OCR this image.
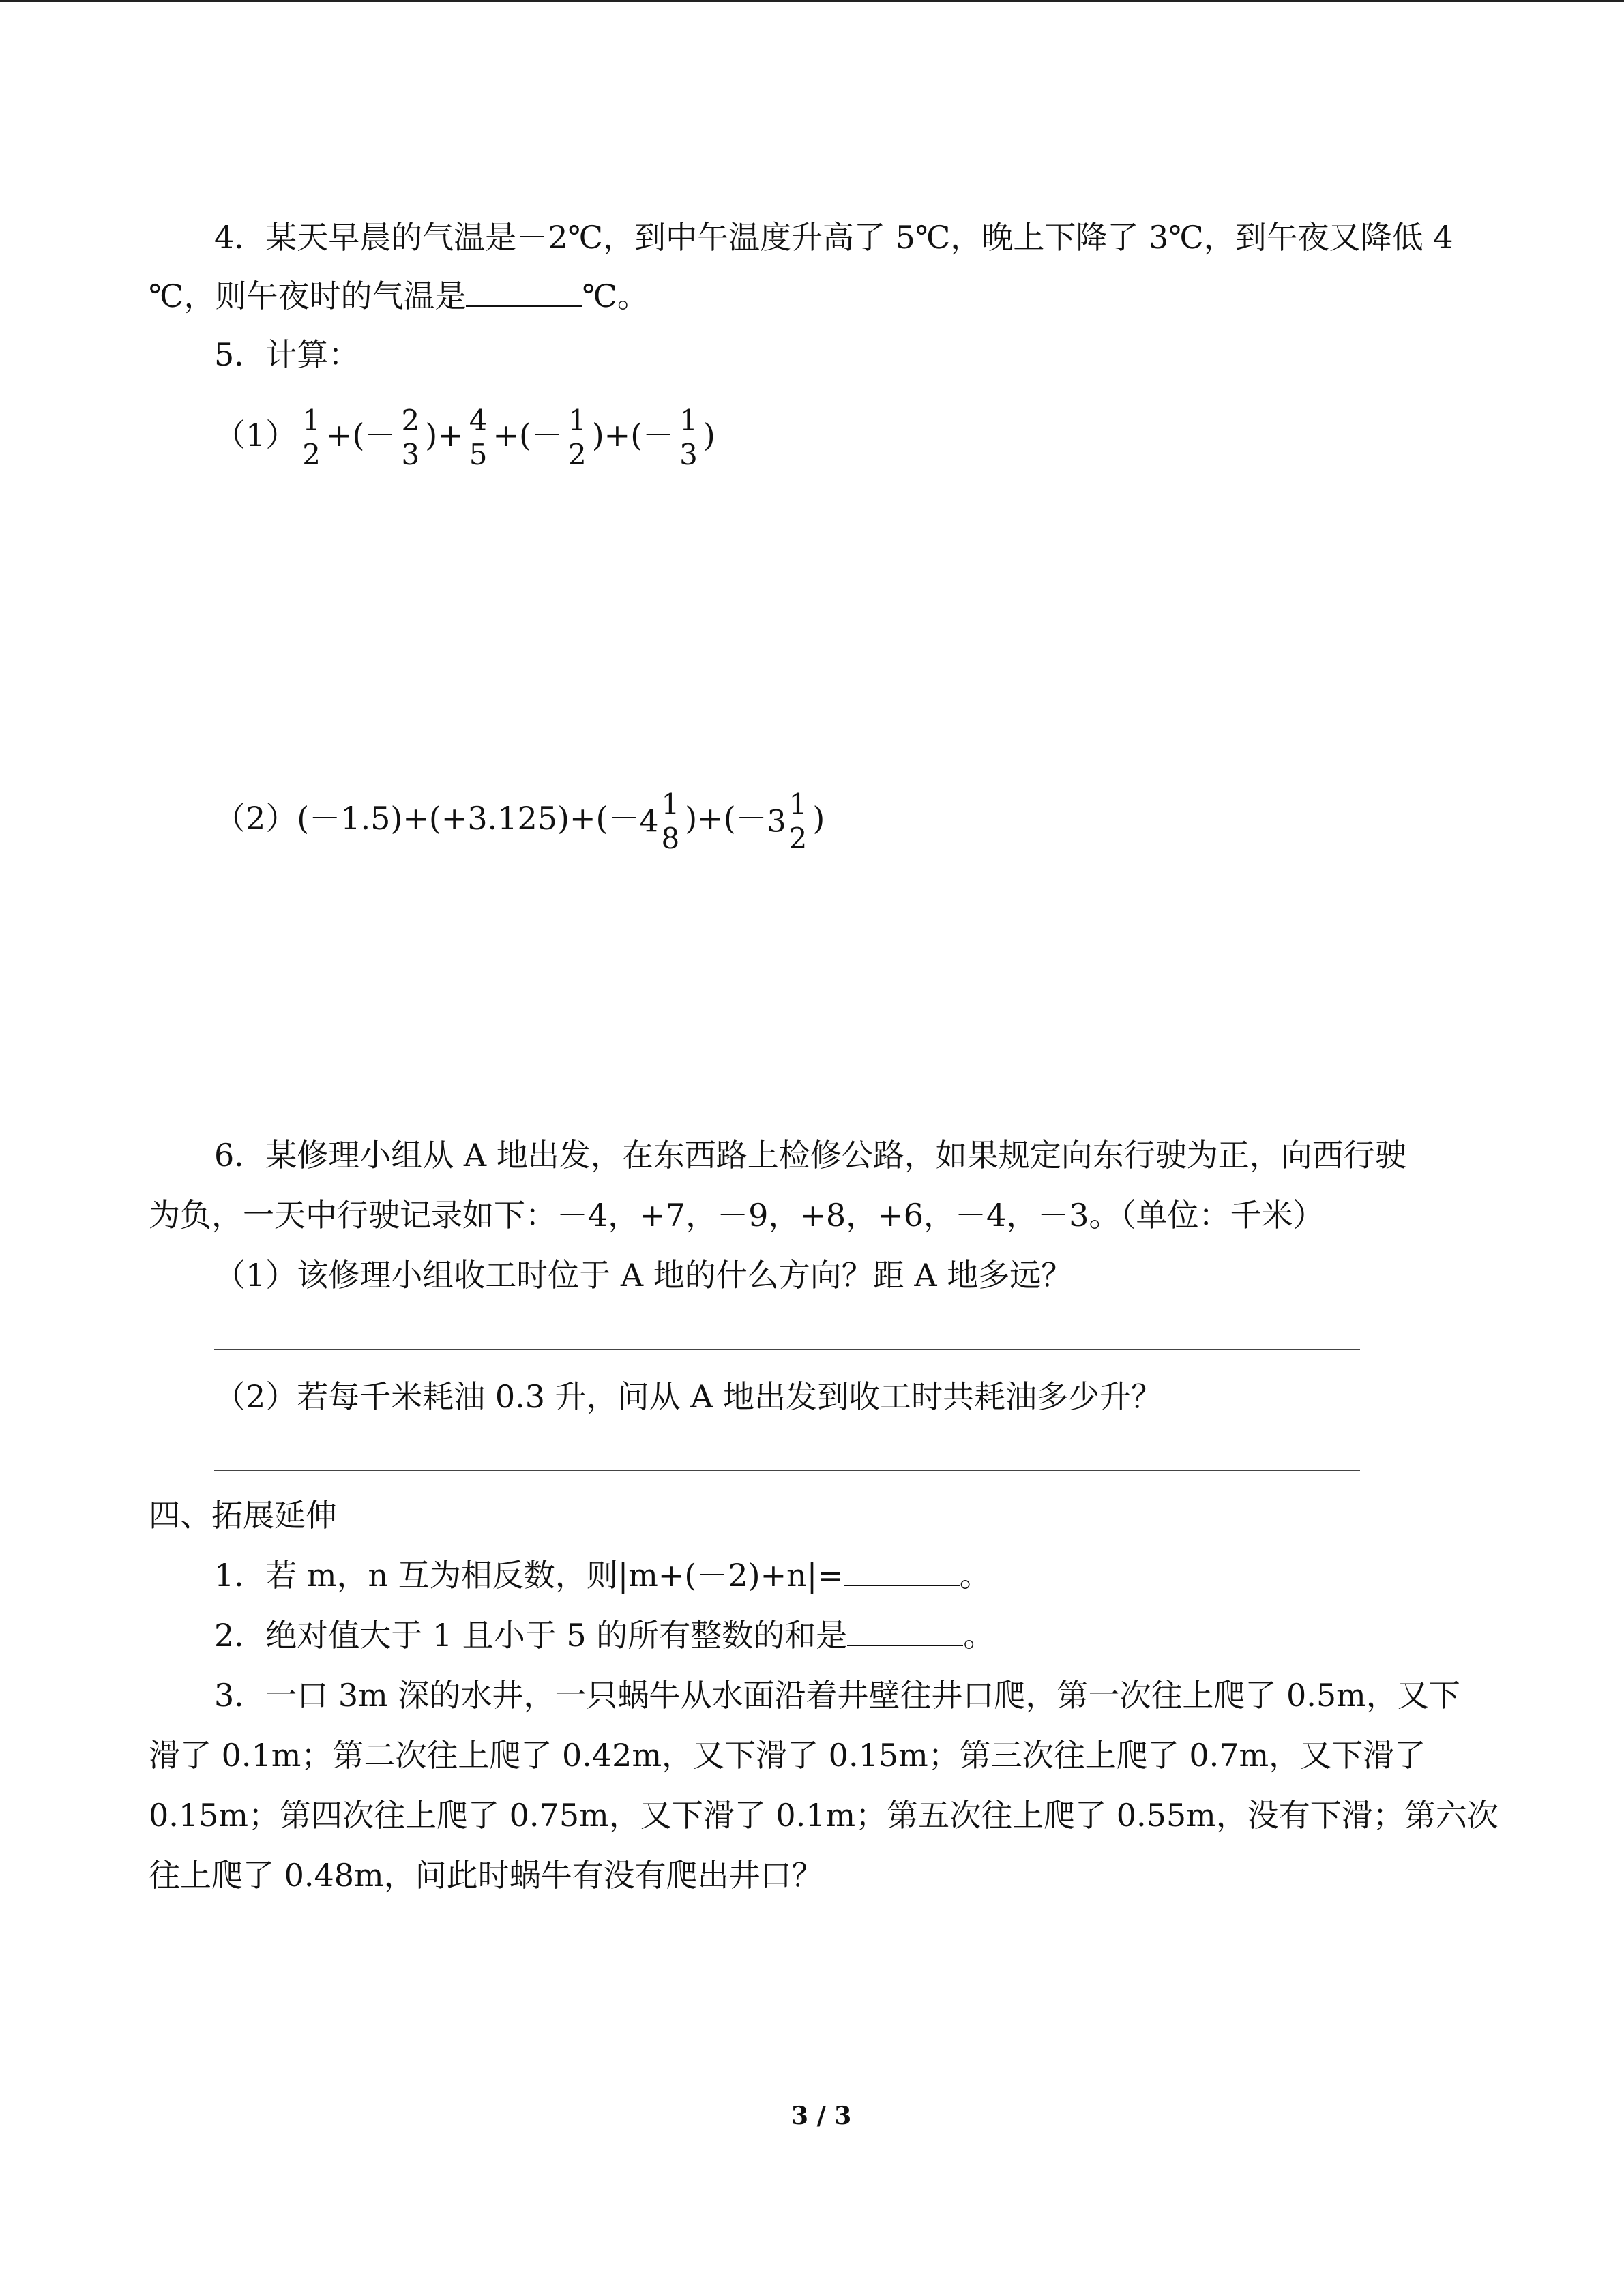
4．某天早晨的气温是－2℃，到中午温度升高了 5℃，晚上下降了 3℃，到午夜又降低 4
℃，则午夜时的气温是	℃。
5．计算：
（1） 1
2
+(－ 2
3
)+ 4
5
+(－ 1
2
)+(－ 1
3
)
（2）(－1.5)+(+3.125)+(－4 1
8
)+(－3 1
2
)
6．某修理小组从 A 地出发，在东西路上检修公路，如果规定向东行驶为正，向西行驶
为负，一天中行驶记录如下：－4，+7，－9，+8，+6，－4，－3。（单位：千米）
（1）该修理小组收工时位于 A 地的什么方向？距 A 地多远？
（2）若每千米耗油 0.3 升，问从 A 地出发到收工时共耗油多少升？
四、拓展延伸
1．若 m，n 互为相反数，则|m+(－2)+n|=	。
2．绝对值大于 1 且小于 5 的所有整数的和是	。
3．一口 3m 深的水井，一只蜗牛从水面沿着井壁往井口爬，第一次往上爬了 0.5m，又下
滑了 0.1m；第二次往上爬了 0.42m，又下滑了 0.15m；第三次往上爬了 0.7m，又下滑了
0.15m；第四次往上爬了 0.75m，又下滑了 0.1m；第五次往上爬了 0.55m，没有下滑；第六次
往上爬了 0.48m，问此时蜗牛有没有爬出井口？
3 / 3
